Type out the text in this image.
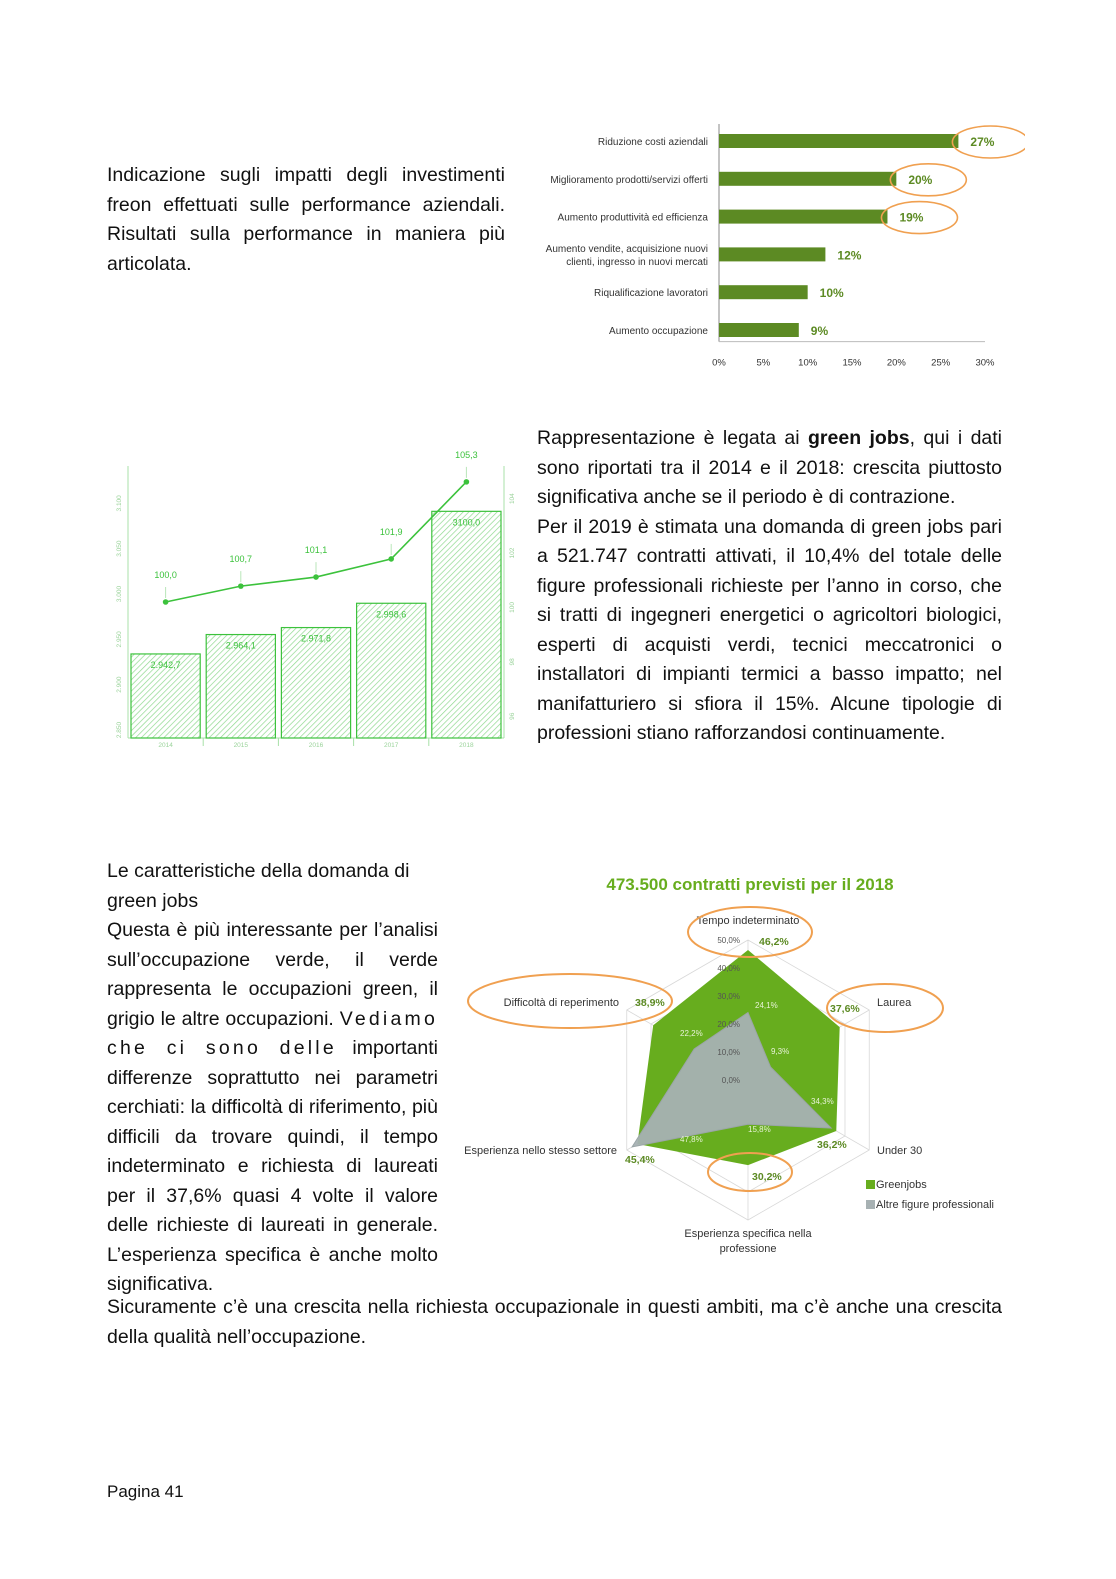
Indicazione sugli impatti degli investimenti freon effettuati sulle performance aziendali. Risultati sulla performance in maniera più articolata.

Riduzione costi aziendali	27%
Miglioramento prodotti/servizi offerti	20%
Aumento produttività ed efficienza	19%
Aumento vendite, acquisizione nuovi
clienti, ingresso in nuovi mercati	12%
Riqualificazione lavoratori	10%
Aumento occupazione	9%
0%	5%	10%	15%	20%	25%	30%
2.850
2.900
2.950
3.000
3.050
3.100
96
98
100
102
104
2.942,7
2014
2.964,1
2015
2.971,8
2016
2.998,6
2017
3100,0
2018
100,0
100,7
101,1
101,9
105,3

Rappresentazione è legata ai green jobs, qui i dati sono riportati tra il 2014 e il 2018: crescita piuttosto significativa anche se il periodo è di contrazione.

Per il 2019 è stimata una domanda di green jobs pari a 521.747 contratti attivati, il 10,4% del totale delle figure professionali richieste per l’anno in corso, che si tratti di ingegneri energetici o agricoltori biologici, esperti di acquisti verdi, tecnici meccatronici o installatori di impianti termici a basso impatto; nel manifatturiero si sfiora il 15%. Alcune tipologie di professioni stiano rafforzandosi continuamente.

Le caratteristiche della domanda di green jobs

Questa è più interessante per l’analisi sull’occupazione verde, il verde rappresenta le occupazioni green, il grigio le altre occupazioni. Vediamo che ci sono delle importanti differenze soprattutto nei parametri cerchiati: la difficoltà di riferimento, più difficili da trovare quindi, il tempo indeterminato e richiesta di laureati per il 37,6% quasi 4 volte il valore delle richieste di laureati in generale. L’esperienza specifica è anche molto significativa.

473.500 contratti previsti per il 2018
0,0%
10,0%
20,0%
30,0%
40,0%
50,0%
Tempo indeterminato
Laurea
Under 30
Esperienza specifica nella
professione
Esperienza nello stesso settore
Difficoltà di reperimento
46,2%
37,6%
36,2%
30,2%
45,4%
38,9%	24,1%
9,3%
34,3%
15,8%
47,8%
22,2%
Greenjobs
Altre figure professionali

Sicuramente c’è una crescita nella richiesta occupazionale in questi ambiti, ma c’è anche una crescita della qualità nell’occupazione.

Pagina 41
